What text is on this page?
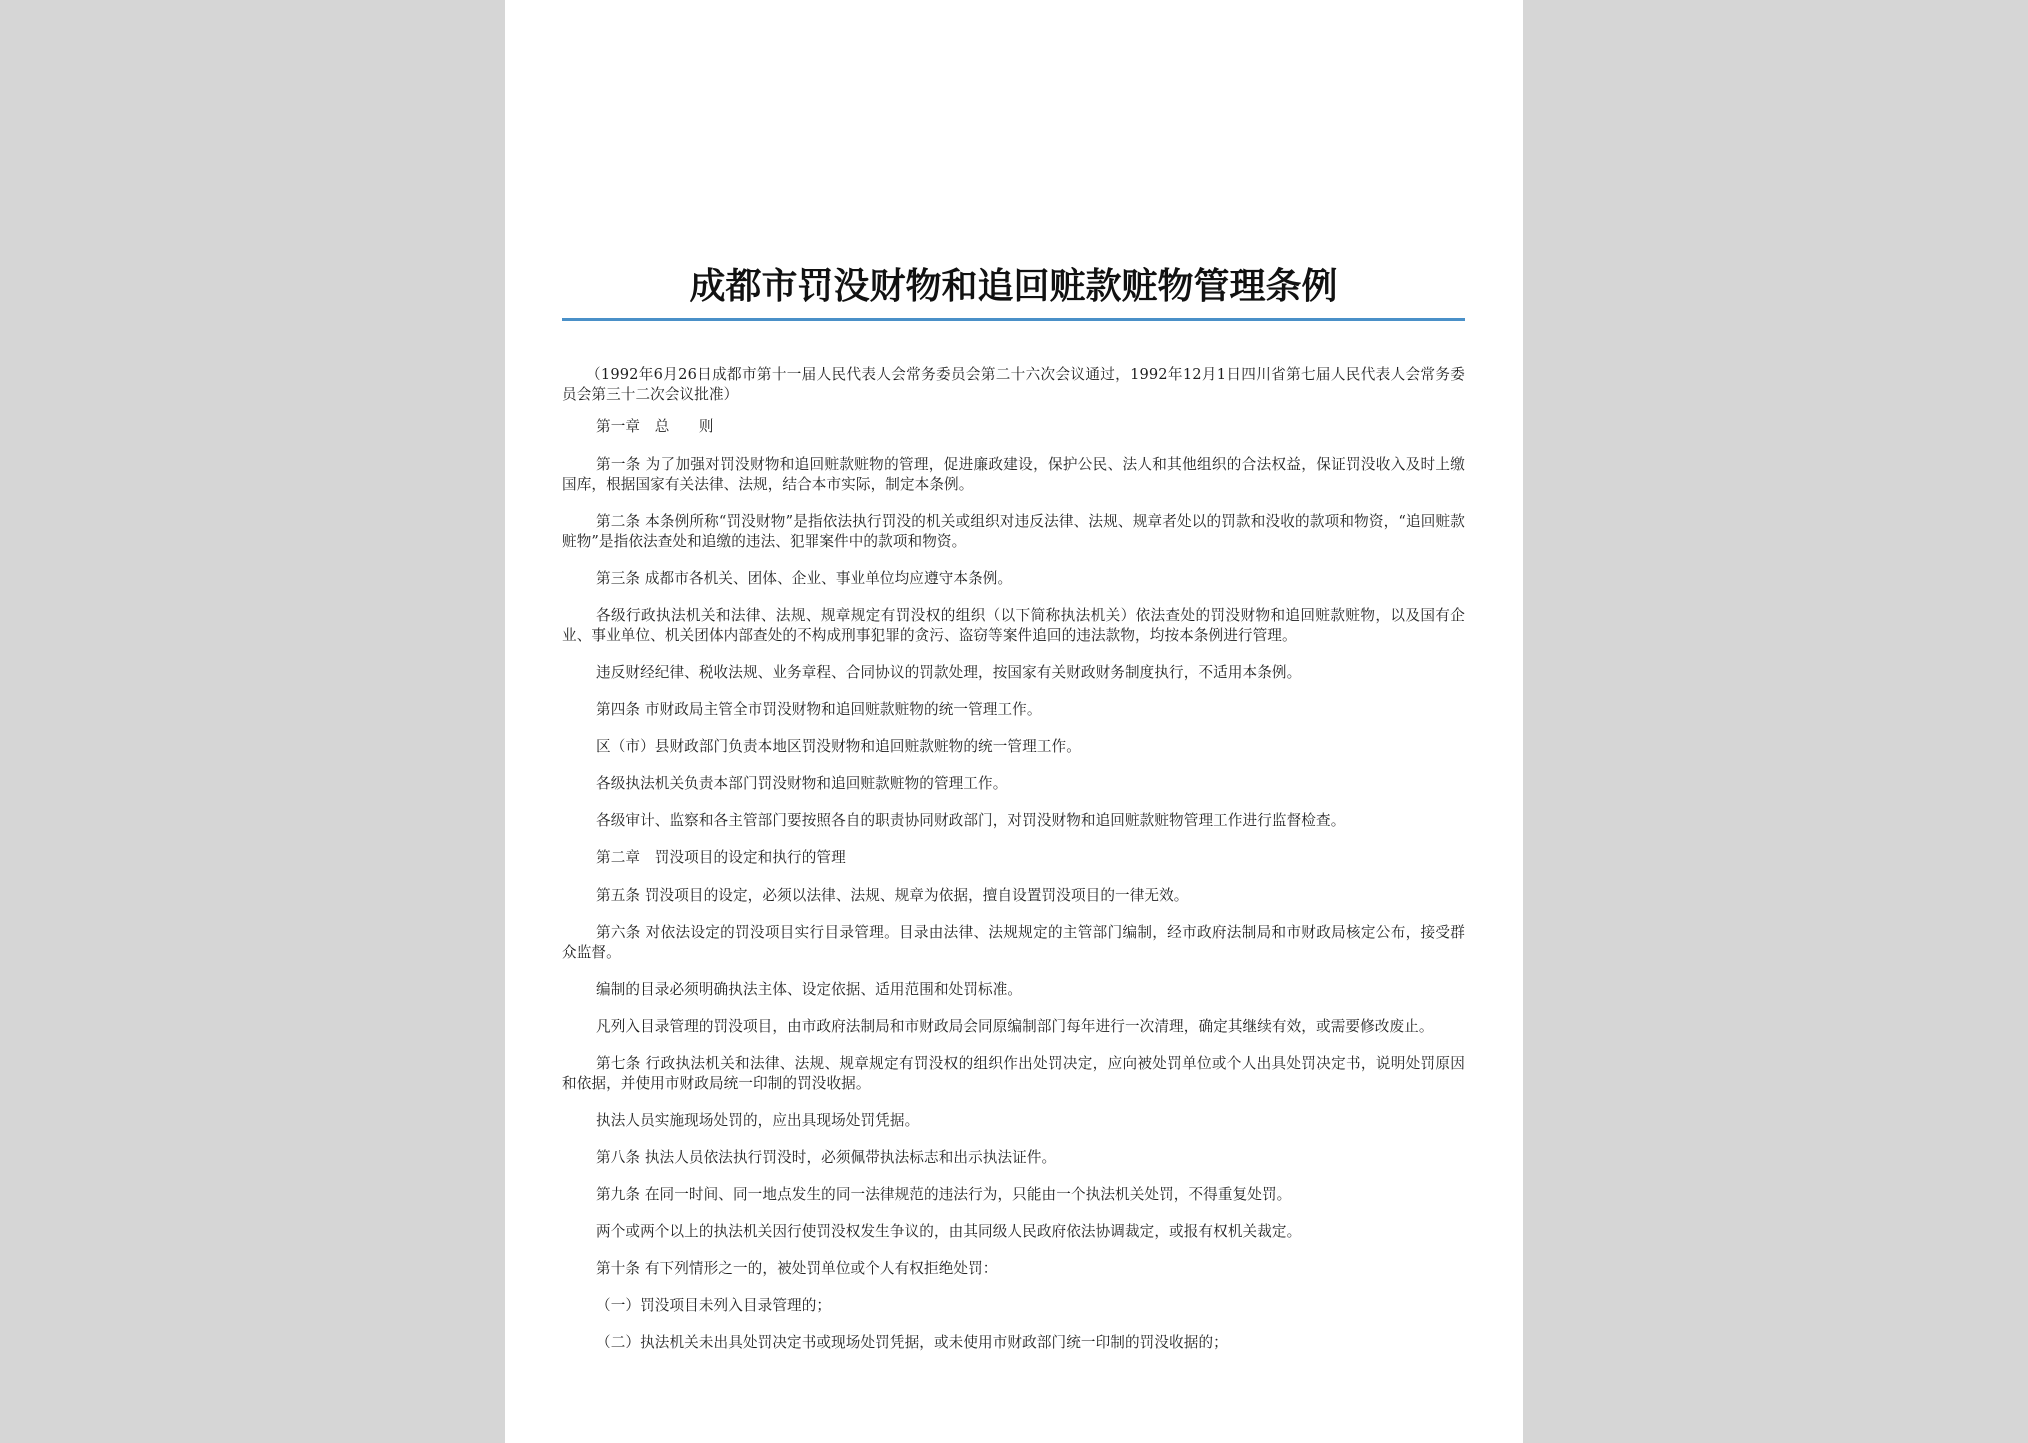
成都市罚没财物和追回赃款赃物管理条例

（1992年6月26日成都市第十一届人民代表人会常务委员会第二十六次会议通过，1992年12月1日四川省第七届人民代表人会常务委员会第三十二次会议批准）

第一章　总　　则

第一条 为了加强对罚没财物和追回赃款赃物的管理，促进廉政建设，保护公民、法人和其他组织的合法权益，保证罚没收入及时上缴国库，根据国家有关法律、法规，结合本市实际，制定本条例。

第二条 本条例所称“罚没财物”是指依法执行罚没的机关或组织对违反法律、法规、规章者处以的罚款和没收的款项和物资，“追回赃款赃物”是指依法查处和追缴的违法、犯罪案件中的款项和物资。

第三条 成都市各机关、团体、企业、事业单位均应遵守本条例。

各级行政执法机关和法律、法规、规章规定有罚没权的组织（以下简称执法机关）依法查处的罚没财物和追回赃款赃物，以及国有企业、事业单位、机关团体内部查处的不构成刑事犯罪的贪污、盗窃等案件追回的违法款物，均按本条例进行管理。

违反财经纪律、税收法规、业务章程、合同协议的罚款处理，按国家有关财政财务制度执行，不适用本条例。

第四条 市财政局主管全市罚没财物和追回赃款赃物的统一管理工作。

区（市）县财政部门负责本地区罚没财物和追回赃款赃物的统一管理工作。

各级执法机关负责本部门罚没财物和追回赃款赃物的管理工作。

各级审计、监察和各主管部门要按照各自的职责协同财政部门，对罚没财物和追回赃款赃物管理工作进行监督检查。

第二章　罚没项目的设定和执行的管理

第五条 罚没项目的设定，必须以法律、法规、规章为依据，擅自设置罚没项目的一律无效。

第六条 对依法设定的罚没项目实行目录管理。目录由法律、法规规定的主管部门编制，经市政府法制局和市财政局核定公布，接受群众监督。

编制的目录必须明确执法主体、设定依据、适用范围和处罚标准。

凡列入目录管理的罚没项目，由市政府法制局和市财政局会同原编制部门每年进行一次清理，确定其继续有效，或需要修改废止。

第七条 行政执法机关和法律、法规、规章规定有罚没权的组织作出处罚决定，应向被处罚单位或个人出具处罚决定书，说明处罚原因和依据，并使用市财政局统一印制的罚没收据。

执法人员实施现场处罚的，应出具现场处罚凭据。

第八条 执法人员依法执行罚没时，必须佩带执法标志和出示执法证件。

第九条 在同一时间、同一地点发生的同一法律规范的违法行为，只能由一个执法机关处罚，不得重复处罚。

两个或两个以上的执法机关因行使罚没权发生争议的，由其同级人民政府依法协调裁定，或报有权机关裁定。

第十条 有下列情形之一的，被处罚单位或个人有权拒绝处罚：

（一）罚没项目未列入目录管理的；

（二）执法机关未出具处罚决定书或现场处罚凭据，或未使用市财政部门统一印制的罚没收据的；
